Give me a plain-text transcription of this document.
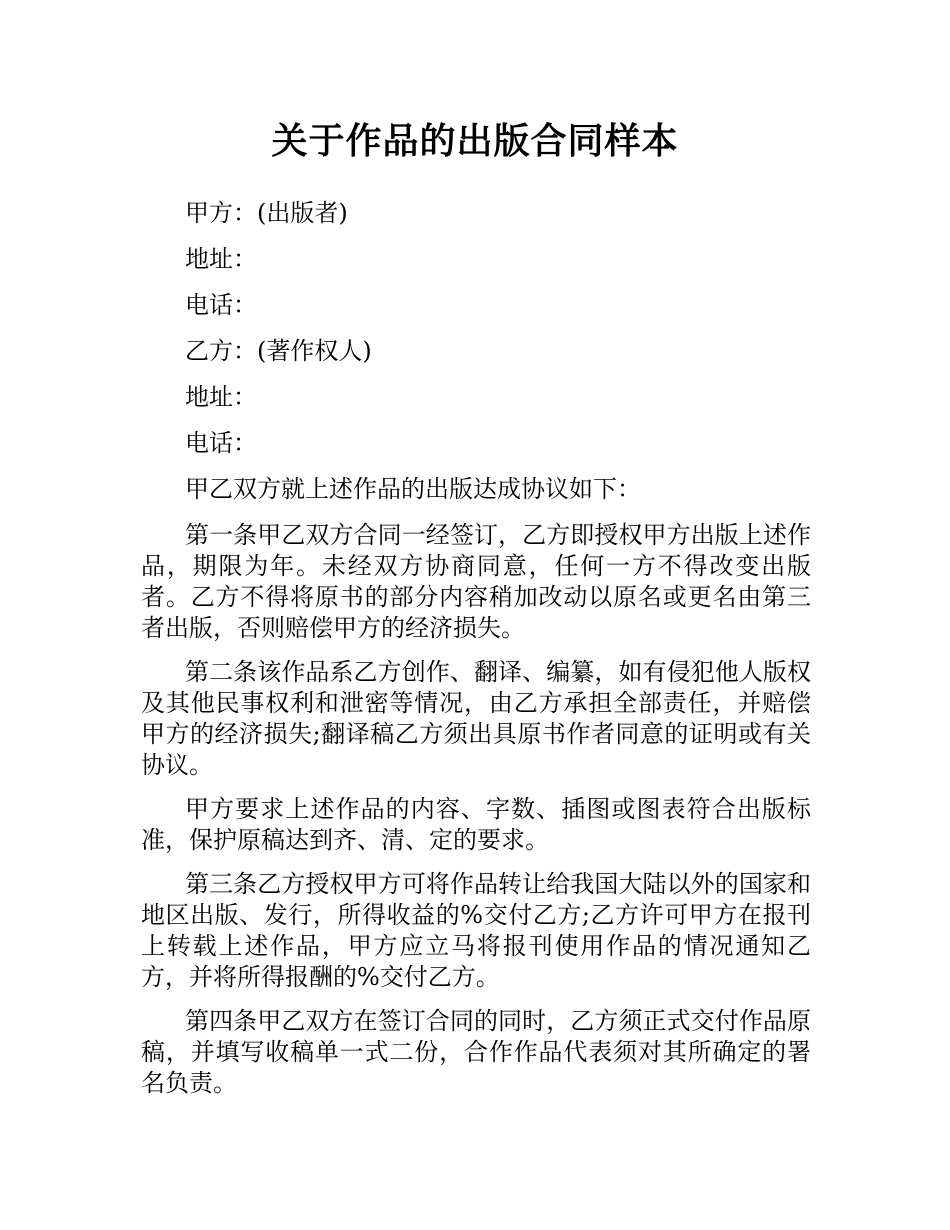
关于作品的出版合同样本

甲方：(出版者)

地址：

电话：

乙方：(著作权人)

地址：

电话：

甲乙双方就上述作品的出版达成协议如下：

第一条甲乙双方合同一经签订，乙方即授权甲方出版上述作品，期限为年。未经双方协商同意，任何一方不得改变出版者。乙方不得将原书的部分内容稍加改动以原名或更名由第三者出版，否则赔偿甲方的经济损失。

第二条该作品系乙方创作、翻译、编纂，如有侵犯他人版权及其他民事权利和泄密等情况，由乙方承担全部责任，并赔偿甲方的经济损失;翻译稿乙方须出具原书作者同意的证明或有关协议。

甲方要求上述作品的内容、字数、插图或图表符合出版标准，保护原稿达到齐、清、定的要求。

第三条乙方授权甲方可将作品转让给我国大陆以外的国家和地区出版、发行，所得收益的%交付乙方;乙方许可甲方在报刊上转载上述作品，甲方应立马将报刊使用作品的情况通知乙方，并将所得报酬的%交付乙方。

第四条甲乙双方在签订合同的同时，乙方须正式交付作品原稿，并填写收稿单一式二份，合作作品代表须对其所确定的署名负责。
